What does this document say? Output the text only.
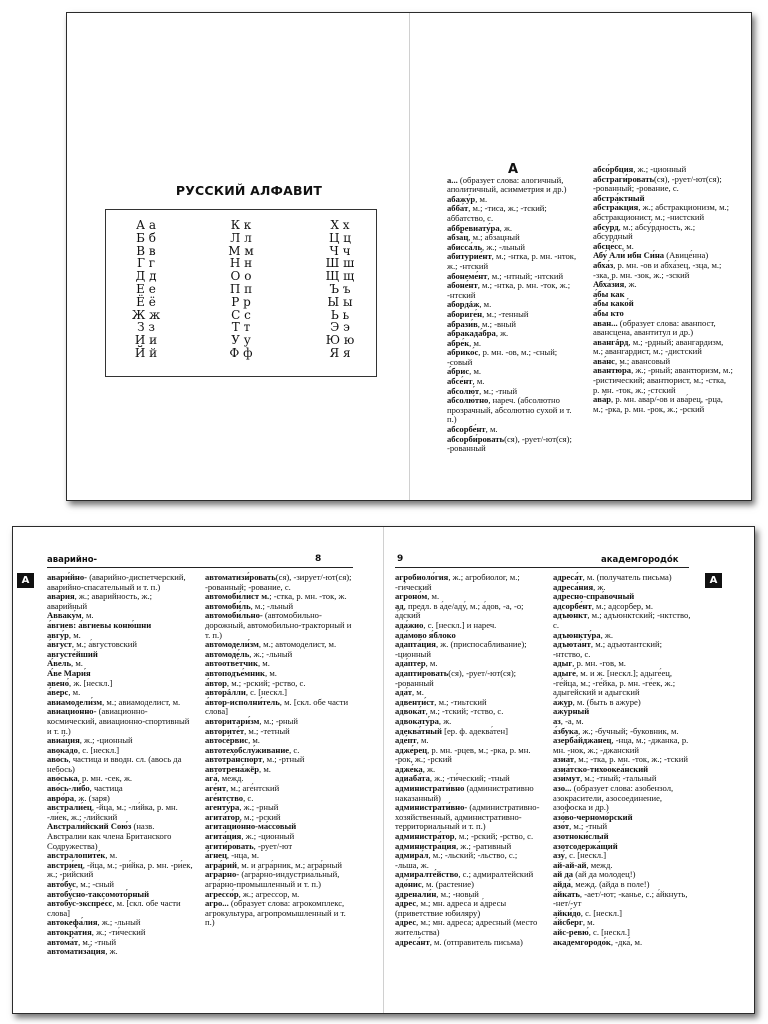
РУССКИЙ АЛФАВИТ
А а	К к	Х х
Б б	Л л	Ц ц
В в	М м	Ч ч
Г г	Н н	Ш ш
Д д	О о	Щ щ
Е е	П п	Ъ ъ
Ё ё	Р р	Ы ы
Ж ж	С с	Ь ь
З з	Т т	Э э
И и	У у	Ю ю
Й й	Ф ф	Я я

А

а... (образует слова: алогичный, аполитичный, асимметрия и др.)

абажу́р, м.

абба́т, м.; -тиса, ж.; -тский; аббатство, с.

аббревиату́ра, ж.

абза́ц, м.; абзацный

абисса́ль, ж.; -льный

абитурие́нт, м.; -нтка, р. мн. -нток, ж.; -нтский

абонеме́нт, м.; -нтный; -нтский

абоне́нт, м.; -нтка, р. мн. -ток, ж.; -нтский

абордáж, м.

абориге́н, м.; -тенный

абрази́в, м.; -вный

абракада́бра, ж.

абре́к, м.

абрико́с, р. мн. -ов, м.; -сный; -совый

а́брис, м.

абсе́нт, м.

абсолю́т, м.; -тный

абсолю́тно, нареч. (абсолютно прозрачный, абсолютно сухой и т. п.)

абсорбе́нт, м.

абсорби́ровать(ся), -рует/-ют(ся); -рованный

абсо́рбция, ж.; -ционный

абстраги́ровать(ся), -рует/-ют(ся); -рованный; -рование, с.

абстра́ктный

абстра́кция, ж.; абстракционизм, м.; абстракционист, м.; -нистский

абсу́рд, м.; абсу́рдность, ж.; абсурдный

абсце́сс, м.

Абу́ Али́ ибн Си́на (Авице́нна)

абха́з, р. мн. -ов и абха́зец, -зца, м.; -зка, р. мн. -зок, ж.; -зский

Абха́зия, ж.

а́бы как

а́бы како́й

а́бы кто

аван... (образует слова: аванпост, авансцена, авантитул и др.)

авангáрд, м.; -рдный; авангардизм, м.; авангардист, м.; -дистский

ава́нс, м.; авансовый

авантю́ра, ж.; -рный; авантюризм, м.; -ристический; авантюрист, м.; -стка, р. мн. -ток, ж.; -стский

ава́р, р. мн. ава́р/-ов и ава́рец, -рца, м.; -рка, р. мн. -рок, ж.; -рский

аварийно-	8	9	академгородо́к
А	А

авари́йно- (аварийно-диспетчерский, аварийно-спасательный и т. п.)

ава́рия, ж.; аварийность, ж.; аварийный

Авваку́м, м.

а́вгиев: а́вгиевы коню́шни

авгу́р, м.

а́вгуст, м.; а́вгустовский

августе́йший

А́вель, м.

А́ве Мари́я

авено́, ж. [нескл.]

а́верс, м.

авиамодели́зм, м.; авиамоделист, м.

авиацио́нно- (авиационно-космический, авиационно-спортивный и т. п.)

авиа́ция, ж.; -ционный

авока́до, с. [нескл.]

аво́сь, частица и вводн. сл. (авось да небось)

аво́ська, р. мн. -сек, ж.

аво́сь-ли́бо, частица

авро́ра, ж. (заря)

австрали́ец, -йца, м.; -ли́йка, р. мн. -ли́ек, ж.; -ли́йский

Австрали́йский Сою́з (назв. Австралии как члена Британского Содружества)

австралопите́к, м.

австри́ец, -йца, м.; -ри́йка, р. мн. -ри́ек, ж.; -ри́йский

авто́бус, м.; -сный

автобу́сно-таксомото́рный

автобу́с-экспре́сс, м. [скл. обе части слова]

автокефа́лия, ж.; -льный

автокра́тия, ж.; -ти́ческий

автома́т, м.; -тный

автоматиза́ция, ж.

автоматизи́ровать(ся), -зирует/-ют(ся); -рованный; -рование, с.

автомоби́лист м.; -стка, р. мн. -ток, ж.

автомоби́ль, м.; -льный

автомоби́льно- (автомобильно-дорожный, автомобильно-тракторный и т. п.)

автомодели́зм, м.; автомоделист, м.

автомоде́ль, ж.; -льный

автоотве́тчик, м.

автоподъе́мник, м.

а́втор, м.; -рский; -рство, с.

авторáлли, с. [нескл.]

а́втор-исполни́тель, м. [скл. обе части слова]

авторитари́зм, м.; -рный

авторите́т, м.; -тетный

автосе́рвис, м.

автотехобслу́живание, с.

автотра́нспорт, м.; -ртный

автотрена́жёр, м.

ага́, межд.

аге́нт, м.; аге́нтский

аге́нтство, с.

агенту́ра, ж.; -рный

агита́тор, м.; -рский

агитацио́нно-ма́ссовый

агита́ция, ж.; -ционный

агити́ровать, -рует/-ют

а́гнец, -нца, м.

агра́рий, м. и агра́рник, м.; агра́рный

агра́рно- (агра́рно-индустриа́льный, агра́рно-промы́шленный и т. п.)

агрессо́р, ж.; агрессор, м.

агро... (образует слова: агрокомплекс, агрокультура, агропромышленный и т. п.)

агробиоло́гия, ж.; агробиолог, м.; -ги́ческий

агроно́м, м.

ад, предл. в а́де/аду́, м.; а́дов, -а, -о; а́дский

ада́жио, с. [нескл.] и нареч.

ада́мово я́блоко

адапта́ция, ж. (приспосабливание); -ционный

ада́птер, м.

адапти́ровать(ся), -рует/-ют(ся); -рованный

ада́т, м.

адвенти́ст, м.; -тиьтский

адвока́т, м.; -тский; -тство, с.

адвокату́ра, ж.

адеква́тный [ер. ф. адеква́тен]

аде́пт, м.

адже́рец, р. мн. -рцев, м.; -рка, р. мн. -рок, ж.; -рский

адже́ка, ж.

адиаба́та, ж.; -ти́ческий; -тный

администрати́вно (административно наказанный)

администрати́вно- (административно-хозяйственный, административно-территориальный и т. п.)

администра́тор, м.; -рский; -рство, с.

администра́ция, ж.; -ративный

адмира́л, м.; -льский; -льство, с.; -льша, ж.

адмиралте́йство, с.; адмиралтейский

адо́нис, м. (растение)

адренали́н, м.; -новый

а́дрес, м.; мн. адреса́ и а́дресы (приветствие юбиляру)

а́дрес, м.; мн. адреса́; а́дресный (место жительства)

адреса́нт, м. (отправитель письма)

адреса́т, м. (получатель письма)

адреса́ния, ж.

адресно-спра́вочный

адсорбе́нт, м.; адсорбер, м.

адъюнкт, м.; адъюнктский; -нктство, с.

адъюнкту́ра, ж.

адъюта́нт, м.; адъютантский; -нтство, с.

адыг, р. мн. -гов, м.

адыге́, м. и ж. [нескл.]; адыге́ец, -ге́йца, м.; -ге́йка, р. мн. -ге́ек, ж.; адыгейский и адыгский

а́жур, м. (быть в ажуре)

ажу́рный

аз, -а, м.

а́збука, ж.; -бучный; -буковник, м.

азерба́йджанец, -нца, м.; -джанка, р. мн. -нок, ж.; -джанский

азиа́т, м.; -тка, р. мн. -ток, ж.; -тский

азиа́тско-тихоокеа́нский

ази́мут, м.; -тный; -тальный

азо... (образует слова: азобензол, азокрасители, азосоединение, азофоска и др.)

азо́во-черномо́рский

азо́т, м.; -тный

азотноки́слый

азотсодержа́щий

азу́, с. [нескл.]

ай-ай-ай, межд.

ай да (ай да молодец!)

айда́, межд. (айда в поле!)

а́йкать, -ает/-ют; -канье, с.; а́йкнуть, -нет/-ут

айки́до, с. [нескл.]

а́йсберг, м.

айс-ревю́, с. [нескл.]

академгородо́к, -дка́, м.
